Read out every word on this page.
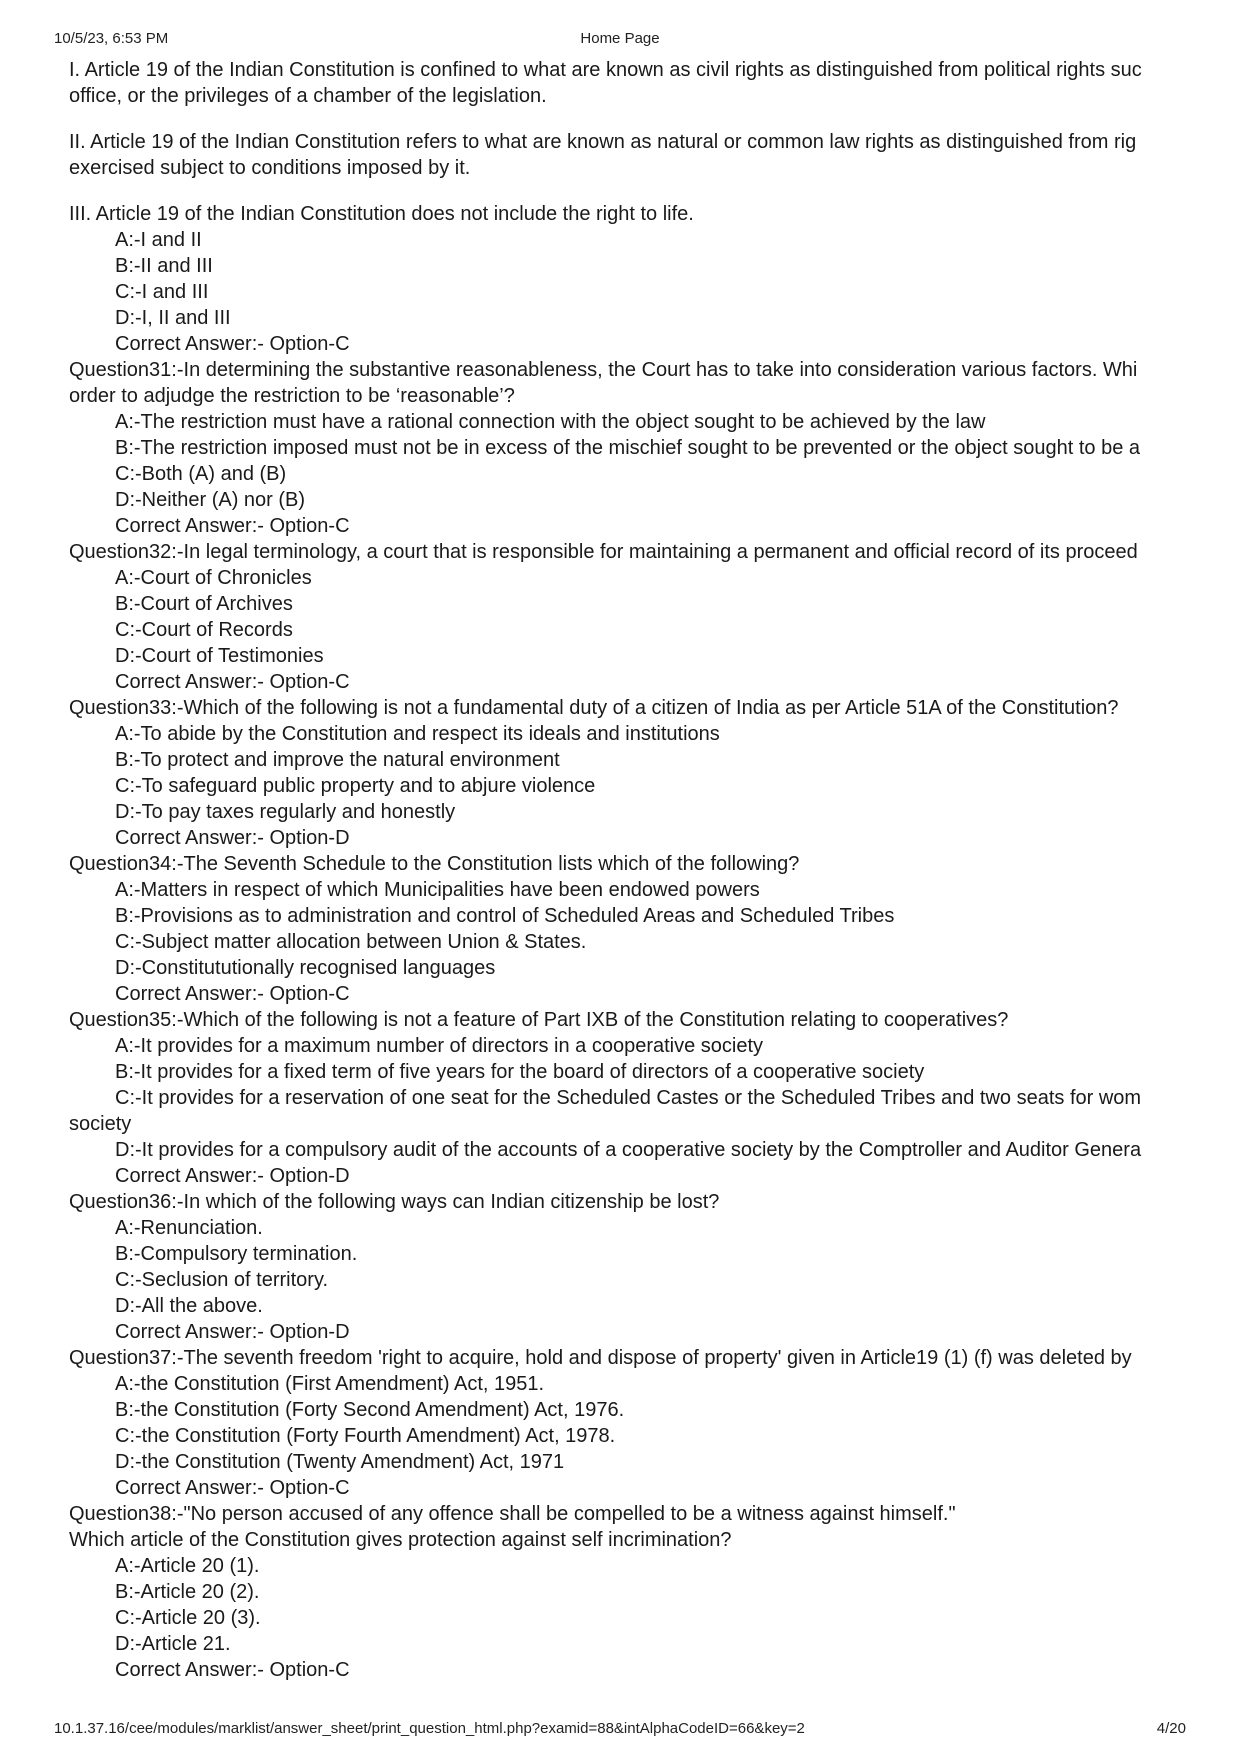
10/5/23, 6:53 PM	Home Page
I. Article 19 of the Indian Constitution is confined to what are known as civil rights as distinguished from political rights suc
office, or the privileges of a chamber of the legislation.
II. Article 19 of the Indian Constitution refers to what are known as natural or common law rights as distinguished from rig
exercised subject to conditions imposed by it.
III. Article 19 of the Indian Constitution does not include the right to life.
A:-I and II
B:-II and III
C:-I and III
D:-I, II and III
Correct Answer:- Option-C
Question31:-In determining the substantive reasonableness, the Court has to take into consideration various factors. Whi
order to adjudge the restriction to be ‘reasonable’?
A:-The restriction must have a rational connection with the object sought to be achieved by the law
B:-The restriction imposed must not be in excess of the mischief sought to be prevented or the object sought to be a
C:-Both (A) and (B)
D:-Neither (A) nor (B)
Correct Answer:- Option-C
Question32:-In legal terminology, a court that is responsible for maintaining a permanent and official record of its proceed
A:-Court of Chronicles
B:-Court of Archives
C:-Court of Records
D:-Court of Testimonies
Correct Answer:- Option-C
Question33:-Which of the following is not a fundamental duty of a citizen of India as per Article 51A of the Constitution?
A:-To abide by the Constitution and respect its ideals and institutions
B:-To protect and improve the natural environment
C:-To safeguard public property and to abjure violence
D:-To pay taxes regularly and honestly
Correct Answer:- Option-D
Question34:-The Seventh Schedule to the Constitution lists which of the following?
A:-Matters in respect of which Municipalities have been endowed powers
B:-Provisions as to administration and control of Scheduled Areas and Scheduled Tribes
C:-Subject matter allocation between Union & States.
D:-Constitututionally recognised languages
Correct Answer:- Option-C
Question35:-Which of the following is not a feature of Part IXB of the Constitution relating to cooperatives?
A:-It provides for a maximum number of directors in a cooperative society
B:-It provides for a fixed term of five years for the board of directors of a cooperative society
C:-It provides for a reservation of one seat for the Scheduled Castes or the Scheduled Tribes and two seats for wom
society
D:-It provides for a compulsory audit of the accounts of a cooperative society by the Comptroller and Auditor Genera
Correct Answer:- Option-D
Question36:-In which of the following ways can Indian citizenship be lost?
A:-Renunciation.
B:-Compulsory termination.
C:-Seclusion of territory.
D:-All the above.
Correct Answer:- Option-D
Question37:-The seventh freedom 'right to acquire, hold and dispose of property' given in Article19 (1) (f) was deleted by
A:-the Constitution (First Amendment) Act, 1951.
B:-the Constitution (Forty Second Amendment) Act, 1976.
C:-the Constitution (Forty Fourth Amendment) Act, 1978.
D:-the Constitution (Twenty Amendment) Act, 1971
Correct Answer:- Option-C
Question38:-"No person accused of any offence shall be compelled to be a witness against himself."
Which article of the Constitution gives protection against self incrimination?
A:-Article 20 (1).
B:-Article 20 (2).
C:-Article 20 (3).
D:-Article 21.
Correct Answer:- Option-C
10.1.37.16/cee/modules/marklist/answer_sheet/print_question_html.php?examid=88&intAlphaCodeID=66&key=2	4/20
